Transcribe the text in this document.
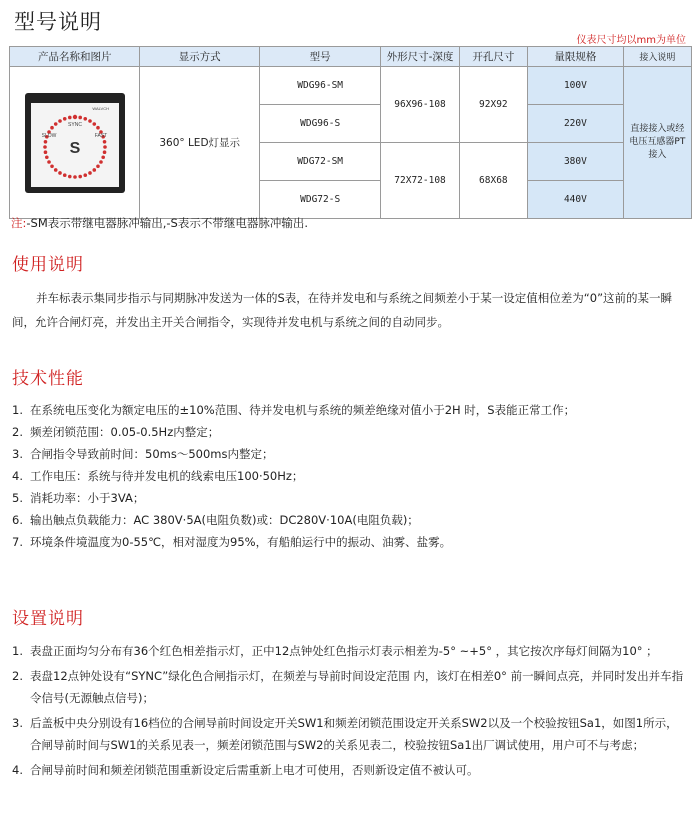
型号说明
仪表尺寸均以mm为单位
产品名称和图片	显示方式	型号	外形尺寸-深度	开孔尺寸	量限规格	接入说明

S
SYNC
SLOW FAST
WALVCH	360° LED灯显示	WDG96-SM	96X96-108	92X92	100V	直接接入或经电压互感器PT接入

		WDG96-S			220V	

		WDG72-SM	72X72-108	68X68	380V	

		WDG72-S			440V	

注:-SM表示带继电器脉冲输出,-S表示不带继电器脉冲输出.
使用说明
并车标表示集同步指示与同期脉冲发送为一体的S表，在待并发电和与系统之间频差小于某一设定值相位差为“0”这前的某一瞬间，允许合闸灯亮，并发出主开关合闸指令，实现待并发电机与系统之间的自动同步。
技术性能
1. 在系统电压变化为额定电压的±10%范围、待并发电机与系统的频差绝缘对值小于2H 时，S表能正常工作；
2. 频差闭锁范围：0.05-0.5Hz内整定；
3. 合闸指令导致前时间：50ms～500ms内整定；
4. 工作电压：系统与待并发电机的线索电压100·50Hz；
5. 消耗功率：小于3VA；
6. 输出触点负载能力：AC 380V·5A(电阻负数)或：DC280V·10A(电阻负载)；
7. 环境条件境温度为0-55℃，相对湿度为95%，有船舶运行中的振动、油雾、盐雾。
设置说明
1. 表盘正面均匀分布有36个红色相差指示灯，正中12点钟处红色指示灯表示相差为-5° ~+5° ，其它按次序每灯间隔为10° ；
2. 表盘12点钟处设有“SYNC”绿化色合闸指示灯，在频差与导前时间设定范围 内，该灯在相差0° 前一瞬间点亮，并同时发出并车指令信号(无源触点信号)；
3. 后盖板中央分别设有16档位的合闸导前时间设定开关SW1和频差闭锁范围设定开关系SW2以及一个校验按钮Sa1，如图1所示，合闸导前时间与SW1的关系见表一，频差闭锁范围与SW2的关系见表二，校验按钮Sa1出厂调试使用，用户可不与考虑；
4. 合闸导前时间和频差闭锁范围重新设定后需重新上电才可使用，否则新设定值不被认可。
